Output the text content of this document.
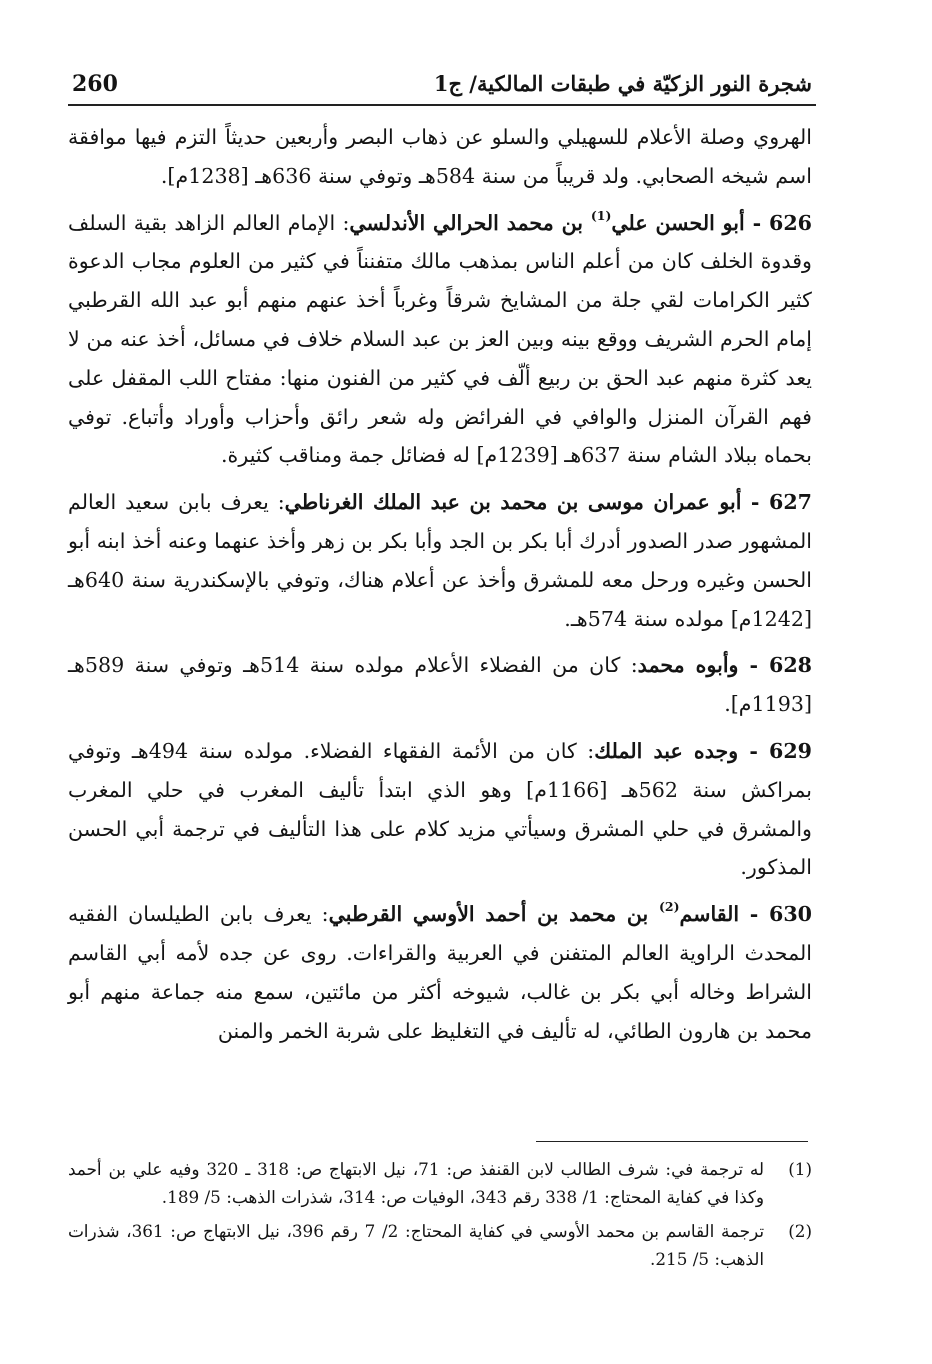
شجرة النور الزكيّة في طبقات المالكية/ ج1
260

الهروي وصلة الأعلام للسهيلي والسلو عن ذهاب البصر وأربعين حديثاً التزم فيها موافقة اسم شيخه الصحابي. ولد قريباً من سنة 584هـ وتوفي سنة 636هـ [1238م].

626 - أبو الحسن علي$^{(1)}$ بن محمد الحرالي الأندلسي: الإمام العالم الزاهد بقية السلف وقدوة الخلف كان من أعلم الناس بمذهب مالك متفنناً في كثير من العلوم مجاب الدعوة كثير الكرامات لقي جلة من المشايخ شرقاً وغرباً أخذ عنهم منهم أبو عبد الله القرطبي إمام الحرم الشريف ووقع بينه وبين العز بن عبد السلام خلاف في مسائل، أخذ عنه من لا يعد كثرة منهم عبد الحق بن ربيع ألّف في كثير من الفنون منها: مفتاح اللب المقفل على فهم القرآن المنزل والوافي في الفرائض وله شعر رائق وأحزاب وأوراد وأتباع. توفي بحماه ببلاد الشام سنة 637هـ [1239م] له فضائل جمة ومناقب كثيرة.

627 - أبو عمران موسى بن محمد بن عبد الملك الغرناطي: يعرف بابن سعيد العالم المشهور صدر الصدور أدرك أبا بكر بن الجد وأبا بكر بن زهر وأخذ عنهما وعنه أخذ ابنه أبو الحسن وغيره ورحل معه للمشرق وأخذ عن أعلام هناك، وتوفي بالإسكندرية سنة 640هـ [1242م] مولده سنة 574هـ.

628 - وأبوه محمد: كان من الفضلاء الأعلام مولده سنة 514هـ وتوفي سنة 589هـ [1193م].

629 - وجده عبد الملك: كان من الأئمة الفقهاء الفضلاء. مولده سنة 494هـ وتوفي بمراكش سنة 562هـ [1166م] وهو الذي ابتدأ تأليف المغرب في حلي المغرب والمشرق في حلي المشرق وسيأتي مزيد كلام على هذا التأليف في ترجمة أبي الحسن المذكور.

630 - القاسم$^{(2)}$ بن محمد بن أحمد الأوسي القرطبي: يعرف بابن الطيلسان الفقيه المحدث الراوية العالم المتفنن في العربية والقراءات. روى عن جده لأمه أبي القاسم الشراط وخاله أبي بكر بن غالب، شيوخه أكثر من مائتين، سمع منه جماعة منهم أبو محمد بن هارون الطائي، له تأليف في التغليظ على شربة الخمر والمنن

(1)
له ترجمة في: شرف الطالب لابن القنفذ ص: 71، نيل الابتهاج ص: 318 ـ 320 وفيه علي بن أحمد وكذا في كفاية المحتاج: 1/ 338 رقم 343، الوفيات ص: 314، شذرات الذهب: 5/ 189.
(2)
ترجمة القاسم بن محمد الأوسي في كفاية المحتاج: 2/ 7 رقم 396، نيل الابتهاج ص: 361، شذرات الذهب: 5/ 215.
